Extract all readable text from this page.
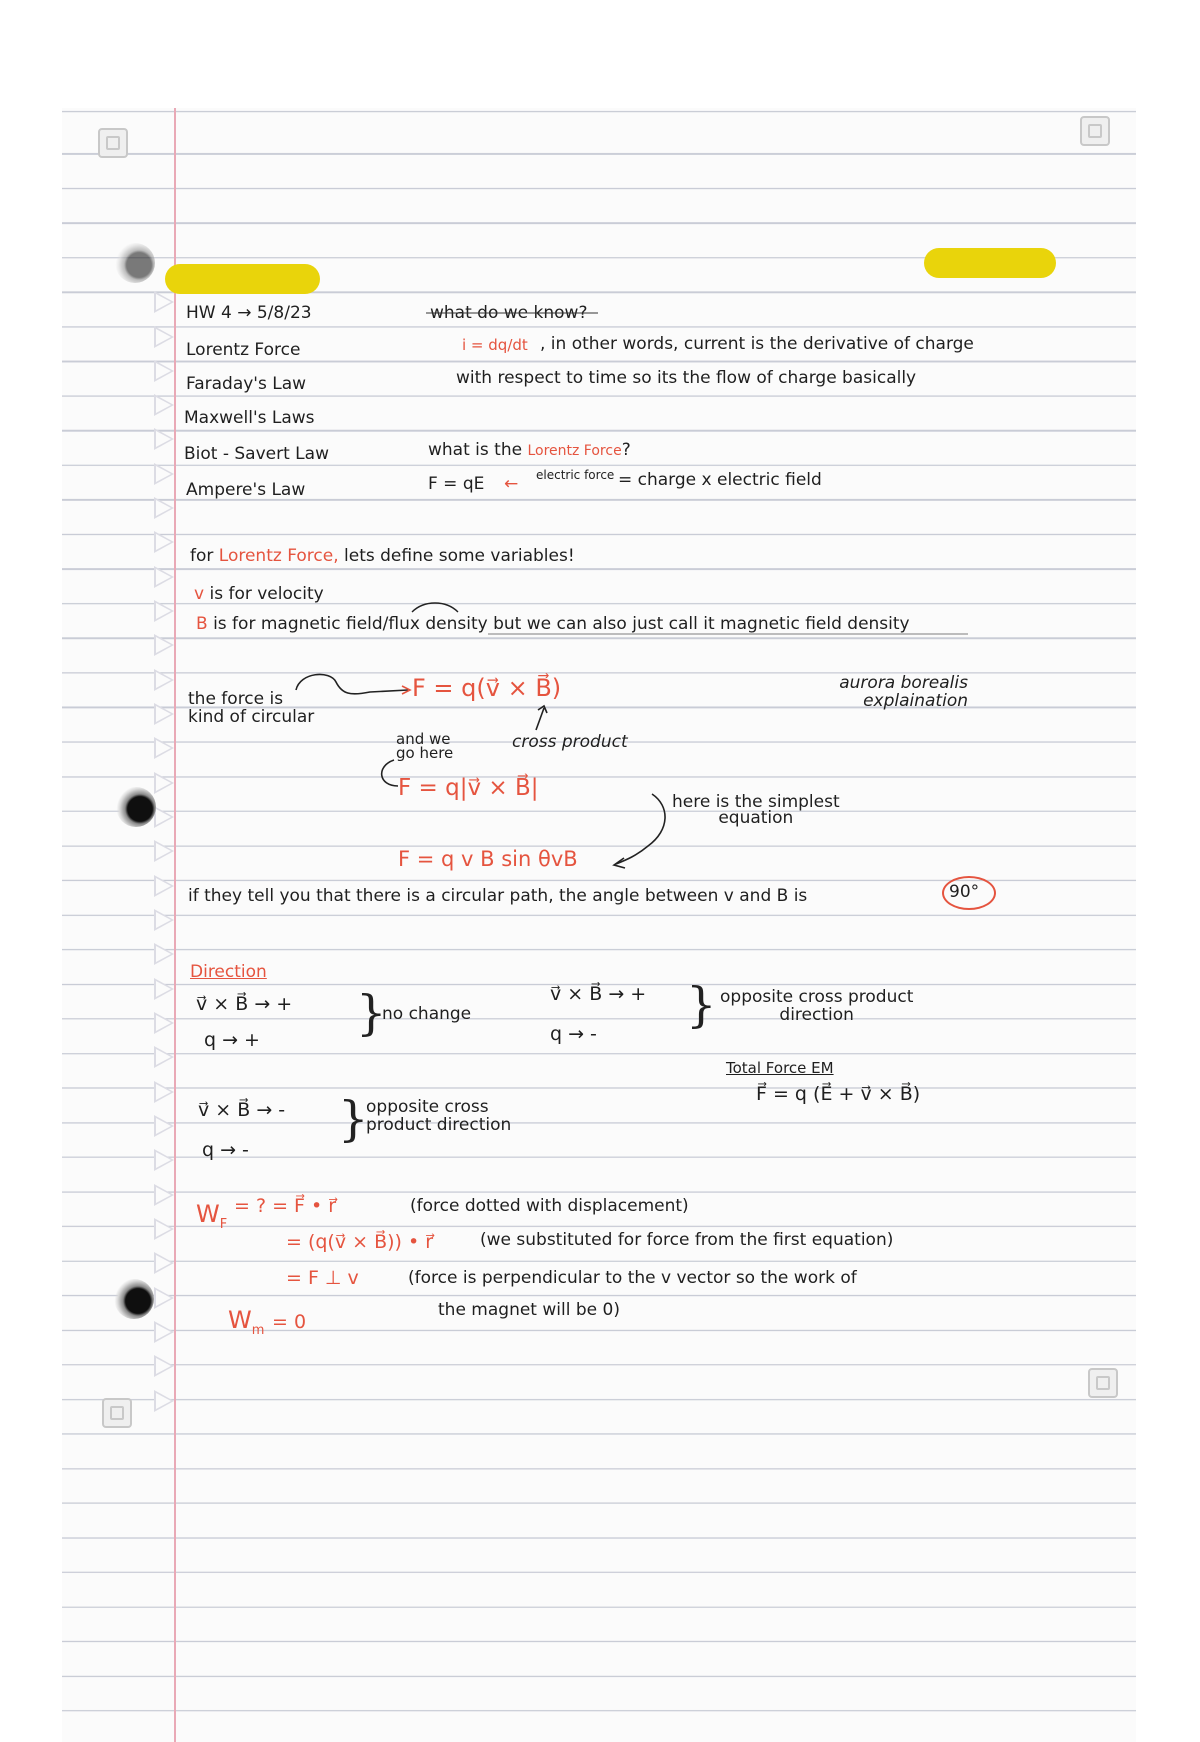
HW 4 → 5/8/23
Lorentz Force
Faraday's Law
Maxwell's Laws
Biot - Savert Law
Ampere's Law
what do we know?
i = dq/dt , in other words, current is the derivative of charge
with respect to time so its the flow of charge basically
what is the Lorentz Force?
F = qE ← electric force = charge x electric field
for Lorentz Force, lets define some variables!
v is for velocity
B is for magnetic field/flux density but we can also just call it magnetic field density
the force is
kind of circular
F = q(v⃗ × B⃗)	aurora borealis
explaination
and we
go here
cross product
F = q|v⃗ × B⃗|
here is the simplest
equation
F = q v B sin θvB
if they tell you that there is a circular path, the angle between v and B is	90°
Direction
v⃗ × B⃗ → +
q → + }
no change
v⃗ × B⃗ → +
q → -
} opposite cross product
direction
Total Force EM
F⃗ = q (E⃗ + v⃗ × B⃗)
v⃗ × B⃗ → -
q → -
}
opposite cross
product direction
$W_F$
= ? = F⃗ • r⃗	(force dotted with displacement)
= (q(v⃗ × B⃗)) • r⃗	(we substituted for force from the first equation)
= F ⊥ v	(force is perpendicular to the v vector so the work of
the magnet will be 0)
$W_m = 0$
